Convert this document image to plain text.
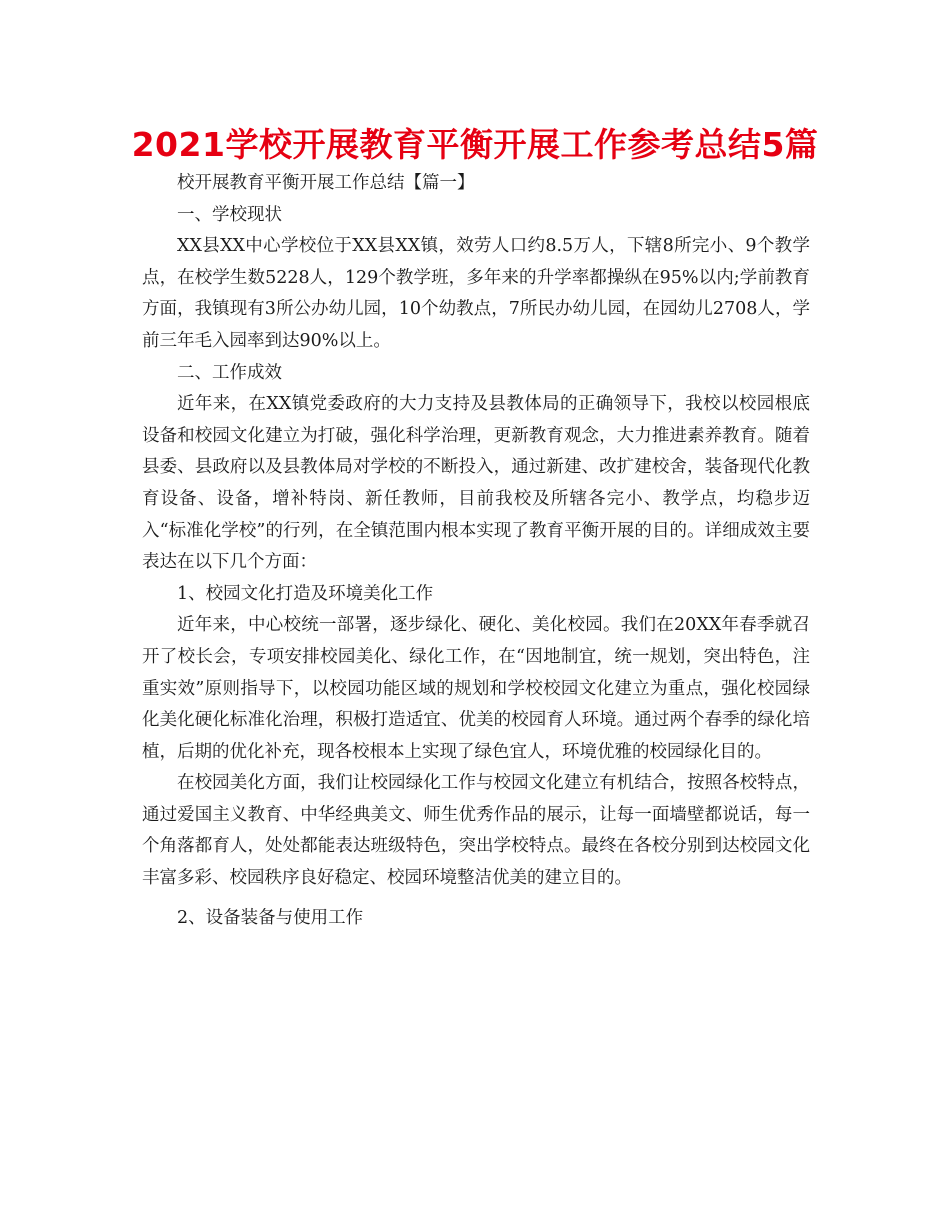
2021学校开展教育平衡开展工作参考总结5篇

校开展教育平衡开展工作总结【篇一】

一、学校现状

XX县XX中心学校位于XX县XX镇，效劳人口约8.5万人，下辖8所完小、9个教学点，在校学生数5228人，129个教学班，多年来的升学率都操纵在95%以内;学前教育方面，我镇现有3所公办幼儿园，10个幼教点，7所民办幼儿园，在园幼儿2708人，学前三年毛入园率到达90%以上。

二、工作成效

近年来，在XX镇党委政府的大力支持及县教体局的正确领导下，我校以校园根底设备和校园文化建立为打破，强化科学治理，更新教育观念，大力推进素养教育。随着县委、县政府以及县教体局对学校的不断投入，通过新建、改扩建校舍，装备现代化教育设备、设备，增补特岗、新任教师，目前我校及所辖各完小、教学点，均稳步迈入“标准化学校”的行列，在全镇范围内根本实现了教育平衡开展的目的。详细成效主要表达在以下几个方面：

1、校园文化打造及环境美化工作

近年来，中心校统一部署，逐步绿化、硬化、美化校园。我们在20XX年春季就召开了校长会，专项安排校园美化、绿化工作，在“因地制宜，统一规划，突出特色，注重实效”原则指导下，以校园功能区域的规划和学校校园文化建立为重点，强化校园绿化美化硬化标准化治理，积极打造适宜、优美的校园育人环境。通过两个春季的绿化培植，后期的优化补充，现各校根本上实现了绿色宜人，环境优雅的校园绿化目的。

在校园美化方面，我们让校园绿化工作与校园文化建立有机结合，按照各校特点，通过爱国主义教育、中华经典美文、师生优秀作品的展示，让每一面墙壁都说话，每一个角落都育人，处处都能表达班级特色，突出学校特点。最终在各校分别到达校园文化丰富多彩、校园秩序良好稳定、校园环境整洁优美的建立目的。

2、设备装备与使用工作
